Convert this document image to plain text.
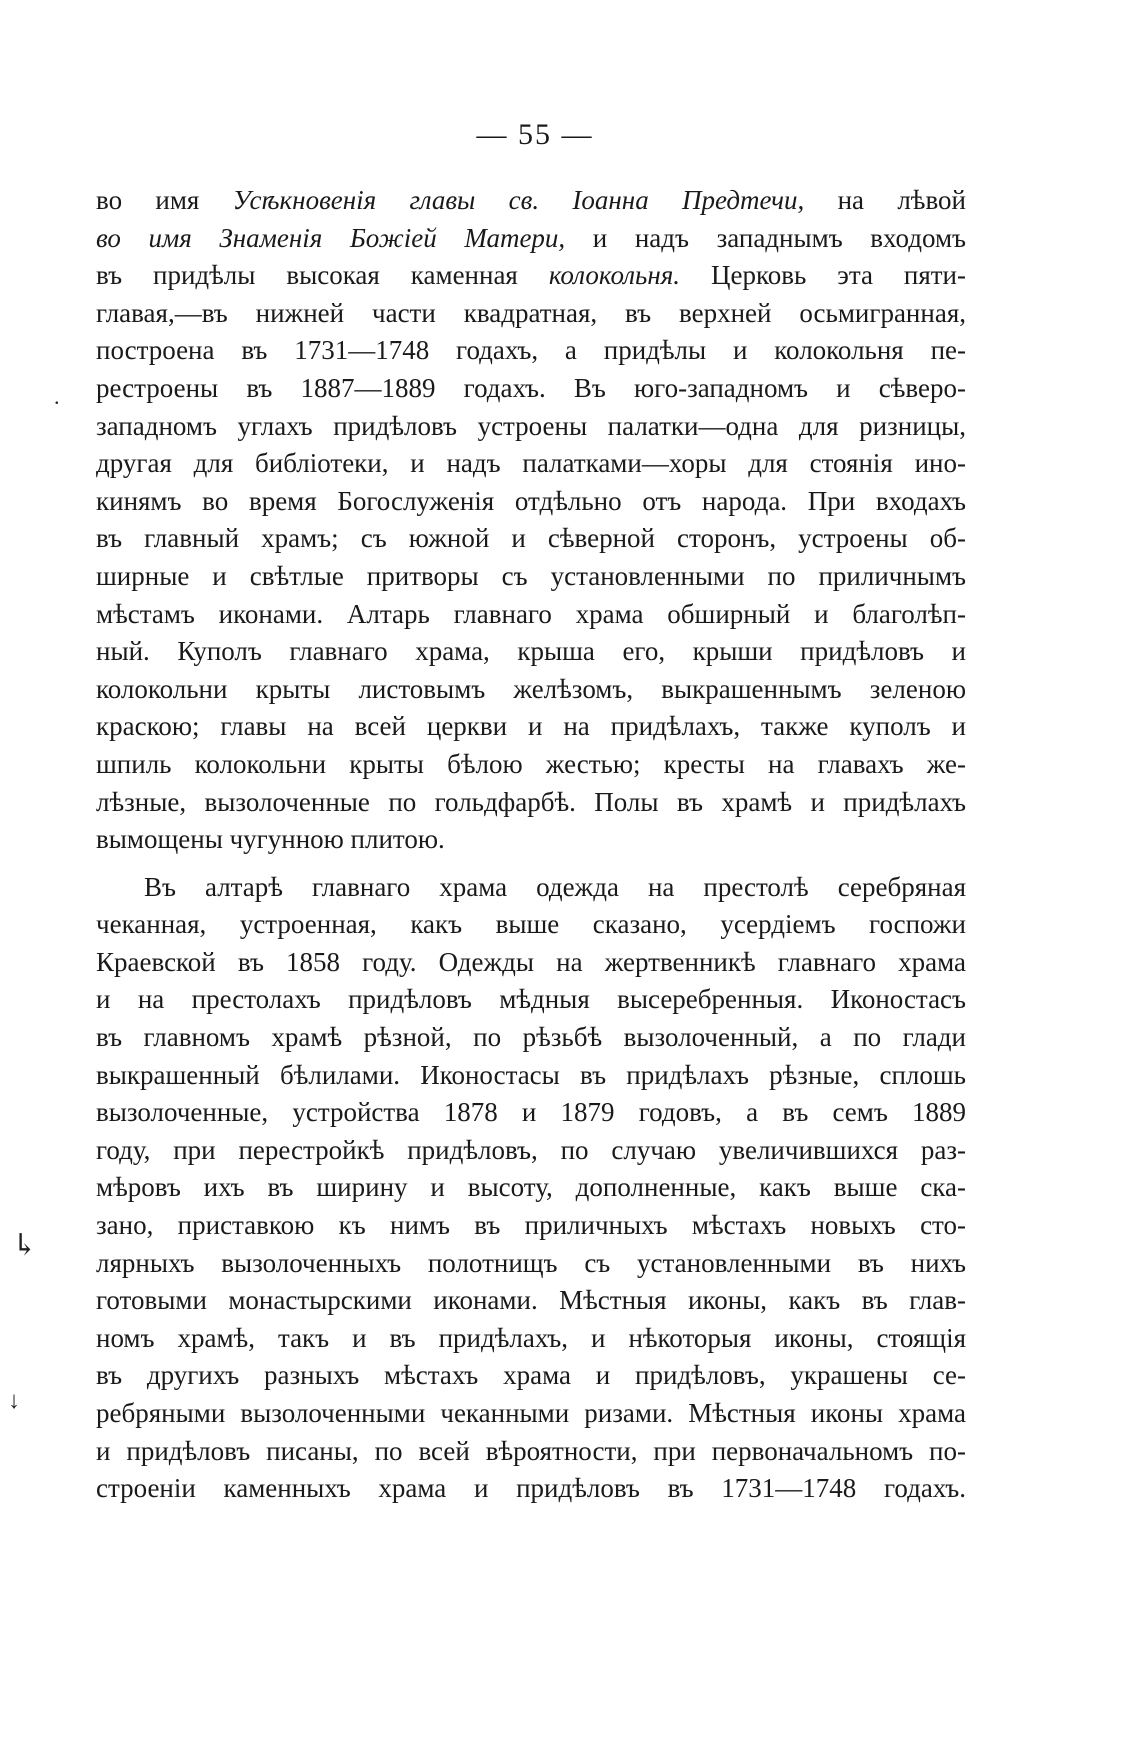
— 55 —
.
↳
↓
во имя Усѣкновенія главы св. Іоанна Предтечи, на лѣвой
во имя Знаменія Божіей Матери, и надъ западнымъ входомъ
въ придѣлы высокая каменная колокольня. Церковь эта пяти-
главая,—въ нижней части квадратная, въ верхней осьмигранная,
построена въ 1731—1748 годахъ, а придѣлы и колокольня пе-
рестроены въ 1887—1889 годахъ. Въ юго-западномъ и сѣверо-
западномъ углахъ придѣловъ устроены палатки—одна для ризницы,
другая для библіотеки, и надъ палатками—хоры для стоянія ино-
кинямъ во время Богослуженія отдѣльно отъ народа. При входахъ
въ главный храмъ; съ южной и сѣверной сторонъ, устроены об-
ширные и свѣтлые притворы съ установленными по приличнымъ
мѣстамъ иконами. Алтарь главнаго храма обширный и благолѣп-
ный. Куполъ главнаго храма, крыша его, крыши придѣловъ и
колокольни крыты листовымъ желѣзомъ, выкрашеннымъ зеленою
краскою; главы на всей церкви и на придѣлахъ, также куполъ и
шпиль колокольни крыты бѣлою жестью; кресты на главахъ же-
лѣзные, вызолоченные по гольдфарбѣ. Полы въ храмѣ и придѣлахъ
вымощены чугунною плитою.
Въ алтарѣ главнаго храма одежда на престолѣ серебряная
чеканная, устроенная, какъ выше сказано, усердіемъ госпожи
Краевской въ 1858 году. Одежды на жертвенникѣ главнаго храма
и на престолахъ придѣловъ мѣдныя высеребренныя. Иконостасъ
въ главномъ храмѣ рѣзной, по рѣзьбѣ вызолоченный, а по глади
выкрашенный бѣлилами. Иконостасы въ придѣлахъ рѣзные, сплошь
вызолоченные, устройства 1878 и 1879 годовъ, а въ семъ 1889
году, при перестройкѣ придѣловъ, по случаю увеличившихся раз-
мѣровъ ихъ въ ширину и высоту, дополненные, какъ выше ска-
зано, приставкою къ нимъ въ приличныхъ мѣстахъ новыхъ сто-
лярныхъ вызолоченныхъ полотнищъ съ установленными въ нихъ
готовыми монастырскими иконами. Мѣстныя иконы, какъ въ глав-
номъ храмѣ, такъ и въ придѣлахъ, и нѣкоторыя иконы, стоящія
въ другихъ разныхъ мѣстахъ храма и придѣловъ, украшены се-
ребряными вызолоченными чеканными ризами. Мѣстныя иконы храма
и придѣловъ писаны, по всей вѣроятности, при первоначальномъ по-
строеніи каменныхъ храма и придѣловъ въ 1731—1748 годахъ.
